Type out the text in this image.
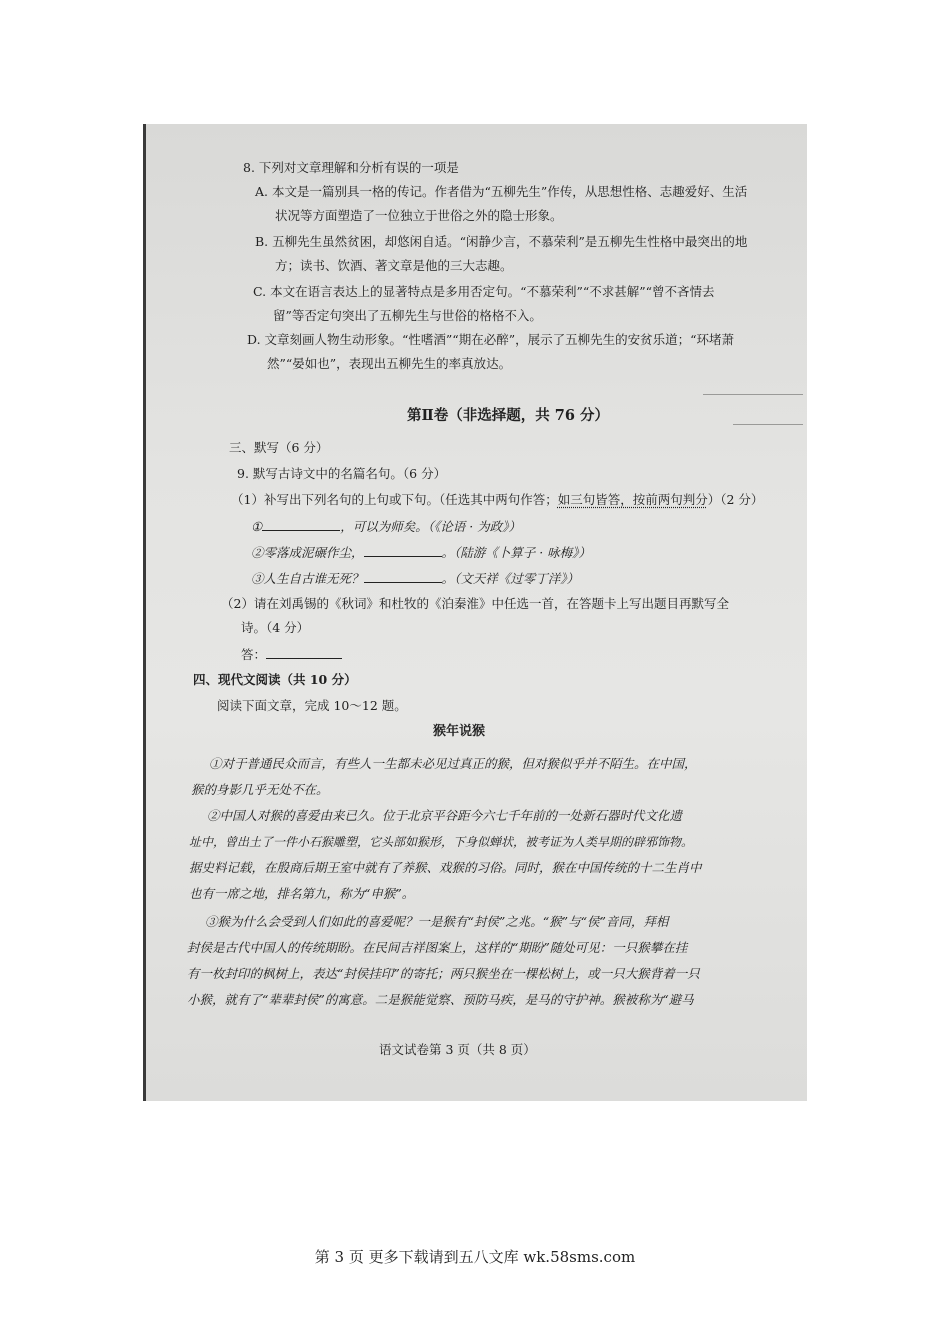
8. 下列对文章理解和分析有误的一项是
A. 本文是一篇别具一格的传记。作者借为“五柳先生”作传，从思想性格、志趣爱好、生活
状况等方面塑造了一位独立于世俗之外的隐士形象。
B. 五柳先生虽然贫困，却悠闲自适。“闲静少言，不慕荣利”是五柳先生性格中最突出的地
方；读书、饮酒、著文章是他的三大志趣。
C. 本文在语言表达上的显著特点是多用否定句。“不慕荣利”“不求甚解”“曾不吝情去
留”等否定句突出了五柳先生与世俗的格格不入。
D. 文章刻画人物生动形象。“性嗜酒”“期在必醉”，展示了五柳先生的安贫乐道；“环堵萧
然”“晏如也”，表现出五柳先生的率真放达。
第Ⅱ卷（非选择题，共 76 分）
三、默写（6 分）
9. 默写古诗文中的名篇名句。（6 分）
（1）补写出下列名句的上句或下句。（任选其中两句作答；如三句皆答，按前两句判分）（2 分）
①	，可以为师矣。（《论语 · 为政》）
②零落成泥碾作尘，	。（陆游《卜算子 · 咏梅》）
③人生自古谁无死？	。（文天祥《过零丁洋》）
（2）请在刘禹锡的《秋词》和杜牧的《泊秦淮》中任选一首，在答题卡上写出题目再默写全
诗。（4 分）
答：
四、现代文阅读（共 10 分）
阅读下面文章，完成 10～12 题。
猴年说猴
①对于普通民众而言，有些人一生都未必见过真正的猴，但对猴似乎并不陌生。在中国，
猴的身影几乎无处不在。
②中国人对猴的喜爱由来已久。位于北京平谷距今六七千年前的一处新石器时代文化遗
址中，曾出土了一件小石猴雕塑，它头部如猴形，下身似蝉状，被考证为人类早期的辟邪饰物。
据史料记载，在殷商后期王室中就有了养猴、戏猴的习俗。同时，猴在中国传统的十二生肖中
也有一席之地，排名第九，称为“申猴”。
③猴为什么会受到人们如此的喜爱呢？一是猴有“封侯”之兆。“猴”与“侯”音同，拜相
封侯是古代中国人的传统期盼。在民间吉祥图案上，这样的“期盼”随处可见：一只猴攀在挂
有一枚封印的枫树上，表达“封侯挂印”的寄托；两只猴坐在一棵松树上，或一只大猴背着一只
小猴，就有了“辈辈封侯”的寓意。二是猴能觉察、预防马疾，是马的守护神。猴被称为“避马
语文试卷第 3 页（共 8 页）
第 3 页 更多下载请到五八文库 wk.58sms.com
